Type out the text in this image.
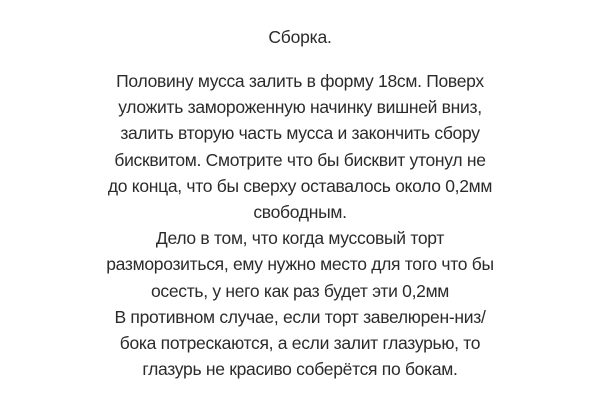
Сборка.
Половину мусса залить в форму 18см. Поверх
уложить замороженную начинку вишней вниз,
залить вторую часть мусса и закончить сбору
бисквитом. Смотрите что бы бисквит утонул не
до конца, что бы сверху оставалось около 0,2мм
свободным.
Дело в том, что когда муссовый торт
разморозиться, ему нужно место для того что бы
осесть, у него как раз будет эти 0,2мм
В противном случае, если торт завелюрен-низ/
бока потрескаются, а если залит глазурью, то
глазурь не красиво соберётся по бокам.
